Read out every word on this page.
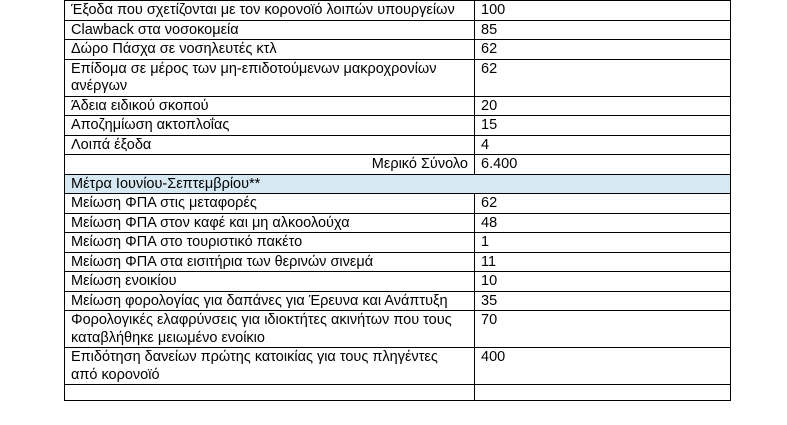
Έξοδα που σχετίζονται με τον κορονοϊό λοιπών υπουργείων	100
Clawback στα νοσοκομεία	85
Δώρο Πάσχα σε νοσηλευτές κτλ	62
Επίδομα σε μέρος των μη-επιδοτούμενων μακροχρονίων ανέργων	62
Άδεια ειδικού σκοπού	20
Αποζημίωση ακτοπλοΐας	15
Λοιπά έξοδα	4
Μερικό Σύνολο	6.400
Μέτρα Ιουνίου-Σεπτεμβρίου**	
Μείωση ΦΠΑ στις μεταφορές	62
Μείωση ΦΠΑ στον καφέ και μη αλκοολούχα	48
Μείωση ΦΠΑ στο τουριστικό πακέτο	1
Μείωση ΦΠΑ στα εισιτήρια των θερινών σινεμά	11
Μείωση ενοικίου	10
Μείωση φορολογίας για δαπάνες για Έρευνα και Ανάπτυξη	35
Φορολογικές ελαφρύνσεις για ιδιοκτήτες ακινήτων που τους καταβλήθηκε μειωμένο ενοίκιο	70
Επιδότηση δανείων πρώτης κατοικίας για τους πληγέντες από κορονοϊό	400
